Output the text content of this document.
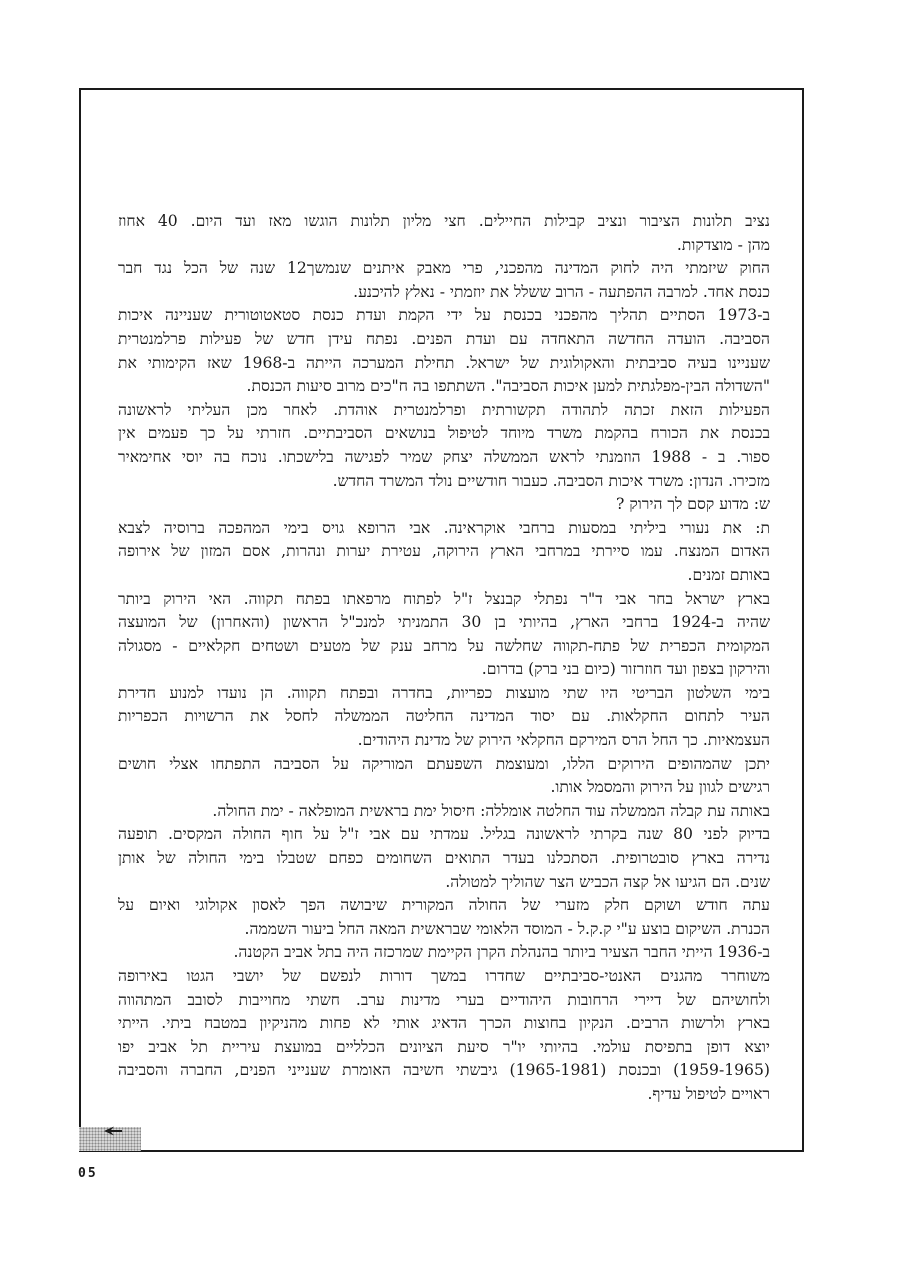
נציב תלונות הציבור ונציב קבילות החיילים. חצי מליון תלונות הוגשו מאז ועד היום. 40 אחוז
מהן - מוצדקות.
החוק שיזמתי היה לחוק המדינה מהפכני, פרי מאבק איתנים שנמשך12 שנה של הכל נגד חבר
כנסת אחד. למרבה ההפתעה - הרוב ששלל את יוזמתי - נאלץ להיכנע.
ב-1973 הסתיים תהליך מהפכני בכנסת על ידי הקמת ועדת כנסת סטאטוטורית שעניינה איכות
הסביבה. הועדה החדשה התאחדה עם ועדת הפנים. נפתח עידן חדש של פעילות פרלמנטרית
שעניינו בעיה סביבתית והאקולוגית של ישראל. תחילת המערכה הייתה ב-1968 שאז הקימותי את
"השדולה הבין-מפלגתית למען איכות הסביבה". השתתפו בה ח"כים מרוב סיעות הכנסת.
הפעילות הזאת זכתה לתהודה תקשורתית ופרלמנטרית אוהדת. לאחר מכן העליתי לראשונה
בכנסת את הכורח בהקמת משרד מיוחד לטיפול בנושאים הסביבתיים. חזרתי על כך פעמים אין
ספור. ב - 1988 הוזמנתי לראש הממשלה יצחק שמיר לפגישה בלישכתו. נוכח בה יוסי אחימאיר
מזכירו. הנדון: משרד איכות הסביבה. כעבור חודשיים נולד המשרד החדש.
ש: מדוע קסם לך הירוק ?
ת: את נעורי ביליתי במסעות ברחבי אוקראינה. אבי הרופא גויס בימי המהפכה ברוסיה לצבא
האדום המנצח. עמו סיירתי במרחבי הארץ הירוקה, עטירת יערות ונהרות, אסם המזון של אירופה
באותם זמנים.
בארץ ישראל בחר אבי ד"ר נפתלי קבנצל ז"ל לפתוח מרפאתו בפתח תקווה. האי הירוק ביותר
שהיה ב-1924 ברחבי הארץ, בהיותי בן 30 התמניתי למנכ"ל הראשון (והאחרון) של המועצה
המקומית הכפרית של פתח-תקווה שחלשה על מרחב ענק של מטעים ושטחים חקלאיים - מסגולה
והירקון בצפון ועד חוזרזור (כיום בני ברק) בדרום.
בימי השלטון הבריטי היו שתי מועצות כפריות, בחדרה ובפתח תקווה. הן נועדו למנוע חדירת
העיר לתחום החקלאות. עם יסוד המדינה החליטה הממשלה לחסל את הרשויות הכפריות
העצמאיות. כך החל הרס המירקם החקלאי הירוק של מדינת היהודים.
יתכן שהמהופים הירוקים הללו, ומעוצמת השפעתם המוריקה על הסביבה התפתחו אצלי חושים
רגישים לגוון על הירוק והמסמל אותו.
באותה עת קבלה הממשלה עוד החלטה אומללה: חיסול ימת בראשית המופלאה - ימת החולה.
בדיוק לפני 80 שנה בקרתי לראשונה בגליל. עמדתי עם אבי ז"ל על חוף החולה המקסים. תופעה
נדירה בארץ סובטרופית. הסתכלנו בעדר התואים השחומים כפחם שטבלו בימי החולה של אותן
שנים. הם הגיעו אל קצה הכביש הצר שהוליך למטולה.
עתה חודש ושוקם חלק מזערי של החולה המקורית שיבושה הפך לאסון אקולוגי ואיום על
הכנרת. השיקום בוצע ע"י ק.ק.ל - המוסד הלאומי שבראשית המאה החל ביעור השממה.
ב-1936 הייתי החבר הצעיר ביותר בהנהלת הקרן הקיימת שמרכזה היה בתל אביב הקטנה.
משוחרר מהגנים האנטי-סביבתיים שחדרו במשך דורות לנפשם של יושבי הגטו באירופה
ולחושיהם של דיירי הרחובות היהודיים בערי מדינות ערב. חשתי מחוייבות לסובב המתהווה
בארץ ולרשות הרבים. הנקיון בחוצות הכרך הדאיג אותי לא פחות מהניקיון במטבח ביתי. הייתי
יוצא דופן בתפיסת עולמי. בהיותי יו"ר סיעת הציונים הכלליים במועצת עיריית תל אביב יפו
(1959-1965) ובכנסת (1965-1981) גיבשתי חשיבה האומרת שענייני הפנים, החברה והסביבה
ראויים לטיפול עדיף.
05
